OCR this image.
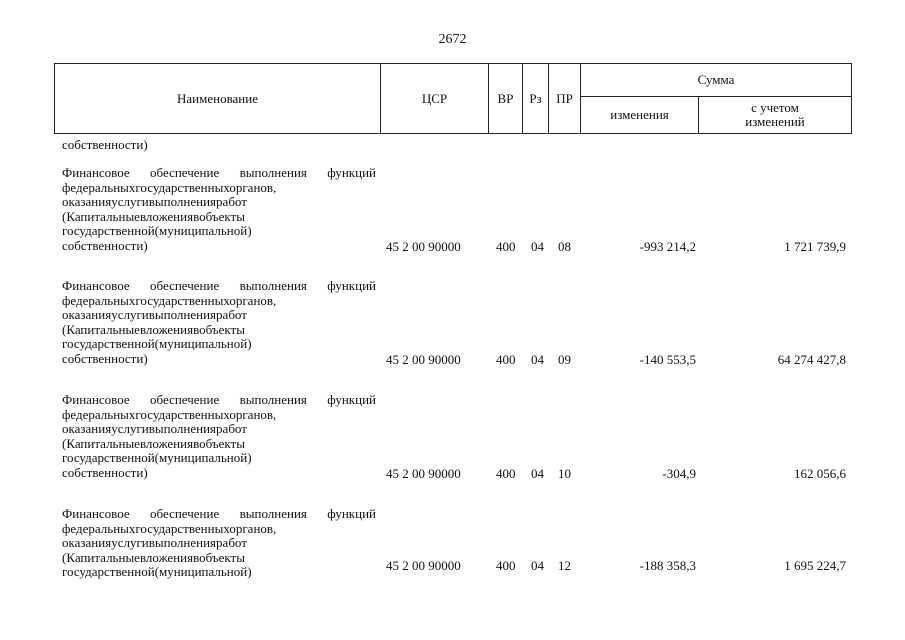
2672
Наименование	ЦСР	ВР	Рз	ПР	Сумма	
					изменения	с учетом
изменений
собственности)
Финансовое обеспечение выполнения функций
федеральныхгосударственныхорганов,
оказанияуслугивыполненияработ
(Капитальныевложениявобъекты
государственной(муниципальной)
собственности)	45 2 00 90000	400 04 08	-993 214,2	1 721 739,9
Финансовое обеспечение выполнения функций
федеральныхгосударственныхорганов,
оказанияуслугивыполненияработ
(Капитальныевложениявобъекты
государственной(муниципальной)
собственности)	45 2 00 90000	400 04 09	-140 553,5	64 274 427,8
Финансовое обеспечение выполнения функций
федеральныхгосударственныхорганов,
оказанияуслугивыполненияработ
(Капитальныевложениявобъекты
государственной(муниципальной)
собственности)	45 2 00 90000	400 04 10	-304,9	162 056,6
Финансовое обеспечение выполнения функций
федеральныхгосударственныхорганов,
оказанияуслугивыполненияработ
(Капитальныевложениявобъекты
государственной(муниципальной)	45 2 00 90000	400 04 12	-188 358,3	1 695 224,7
